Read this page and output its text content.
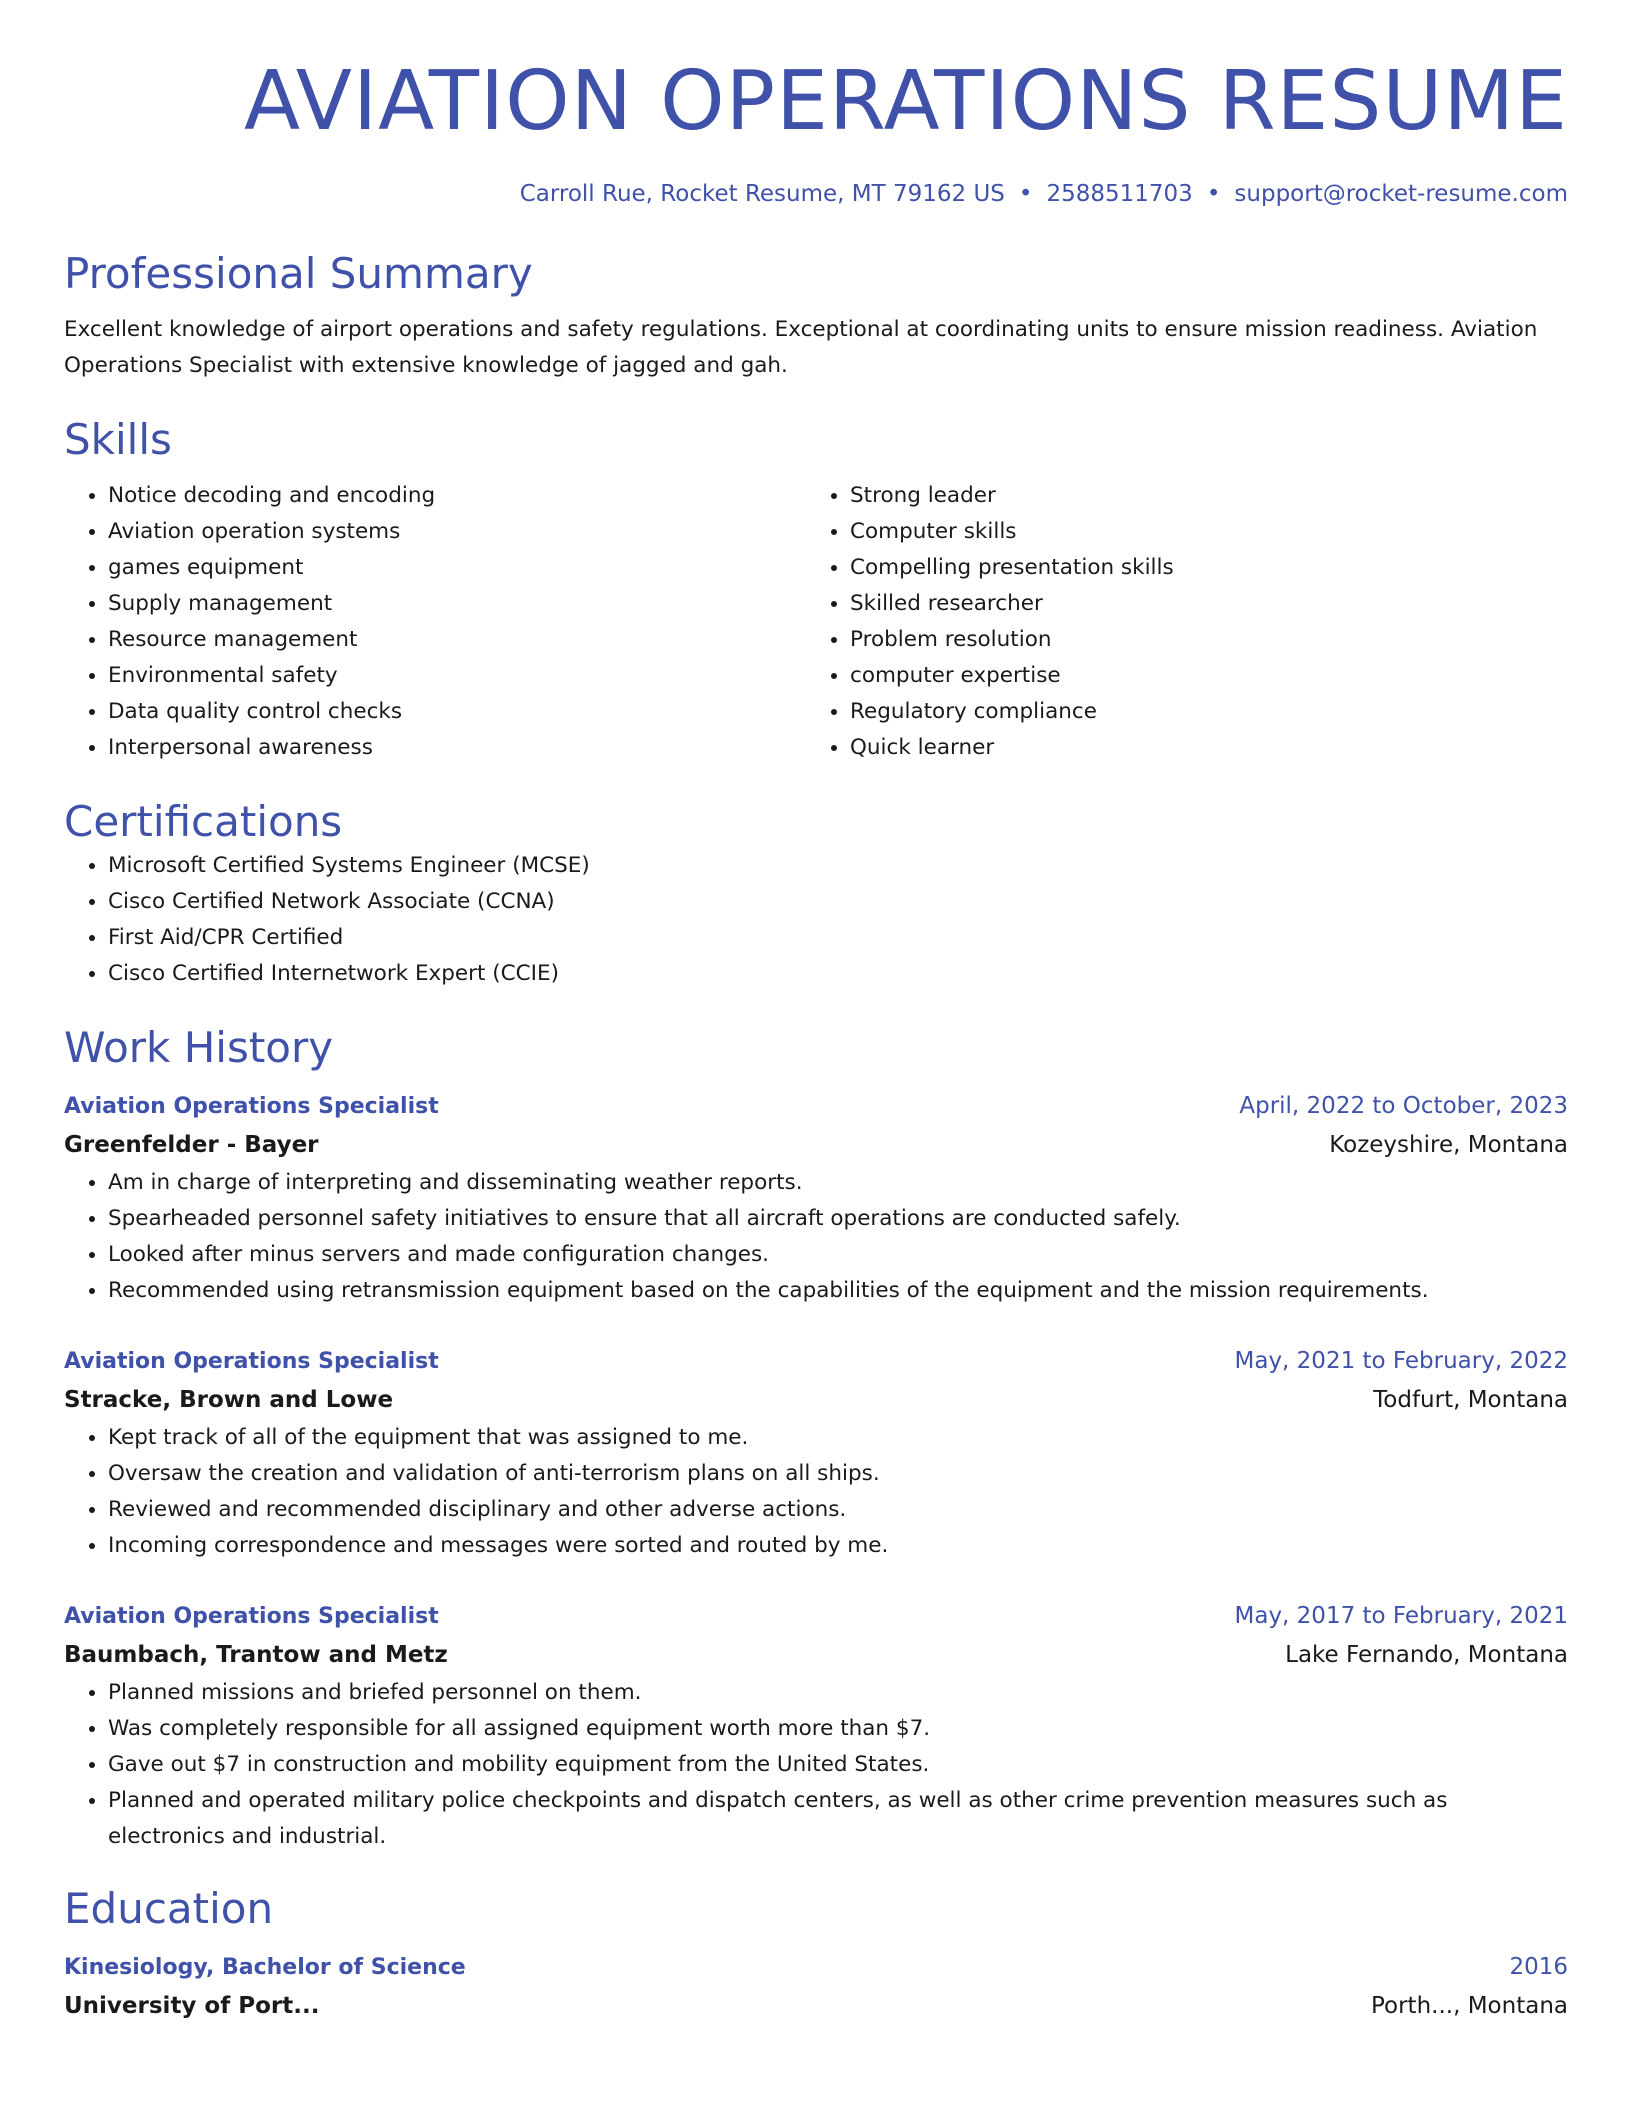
AVIATION OPERATIONS RESUME
Carroll Rue, Rocket Resume, MT 79162 US • 2588511703 • support@rocket-resume.com
Professional Summary
Excellent knowledge of airport operations and safety regulations. Exceptional at coordinating units to ensure mission readiness. Aviation Operations Specialist with extensive knowledge of jagged and gah.
Skills
• Notice decoding and encoding
• Aviation operation systems
• games equipment
• Supply management
• Resource management
• Environmental safety
• Data quality control checks
• Interpersonal awareness
• Strong leader
• Computer skills
• Compelling presentation skills
• Skilled researcher
• Problem resolution
• computer expertise
• Regulatory compliance
• Quick learner
Certifications
• Microsoft Certified Systems Engineer (MCSE)
• Cisco Certified Network Associate (CCNA)
• First Aid/CPR Certified
• Cisco Certified Internetwork Expert (CCIE)
Work History
Aviation Operations Specialist	April, 2022 to October, 2023
Greenfelder - Bayer	Kozeyshire, Montana
• Am in charge of interpreting and disseminating weather reports.
• Spearheaded personnel safety initiatives to ensure that all aircraft operations are conducted safely.
• Looked after minus servers and made configuration changes.
• Recommended using retransmission equipment based on the capabilities of the equipment and the mission requirements.
Aviation Operations Specialist	May, 2021 to February, 2022
Stracke, Brown and Lowe	Todfurt, Montana
• Kept track of all of the equipment that was assigned to me.
• Oversaw the creation and validation of anti-terrorism plans on all ships.
• Reviewed and recommended disciplinary and other adverse actions.
• Incoming correspondence and messages were sorted and routed by me.
Aviation Operations Specialist	May, 2017 to February, 2021
Baumbach, Trantow and Metz	Lake Fernando, Montana
• Planned missions and briefed personnel on them.
• Was completely responsible for all assigned equipment worth more than $7.
• Gave out $7 in construction and mobility equipment from the United States.
• Planned and operated military police checkpoints and dispatch centers, as well as other crime prevention measures such as electronics and industrial.
Education
Kinesiology, Bachelor of Science	2016
University of Port...	Porth..., Montana
